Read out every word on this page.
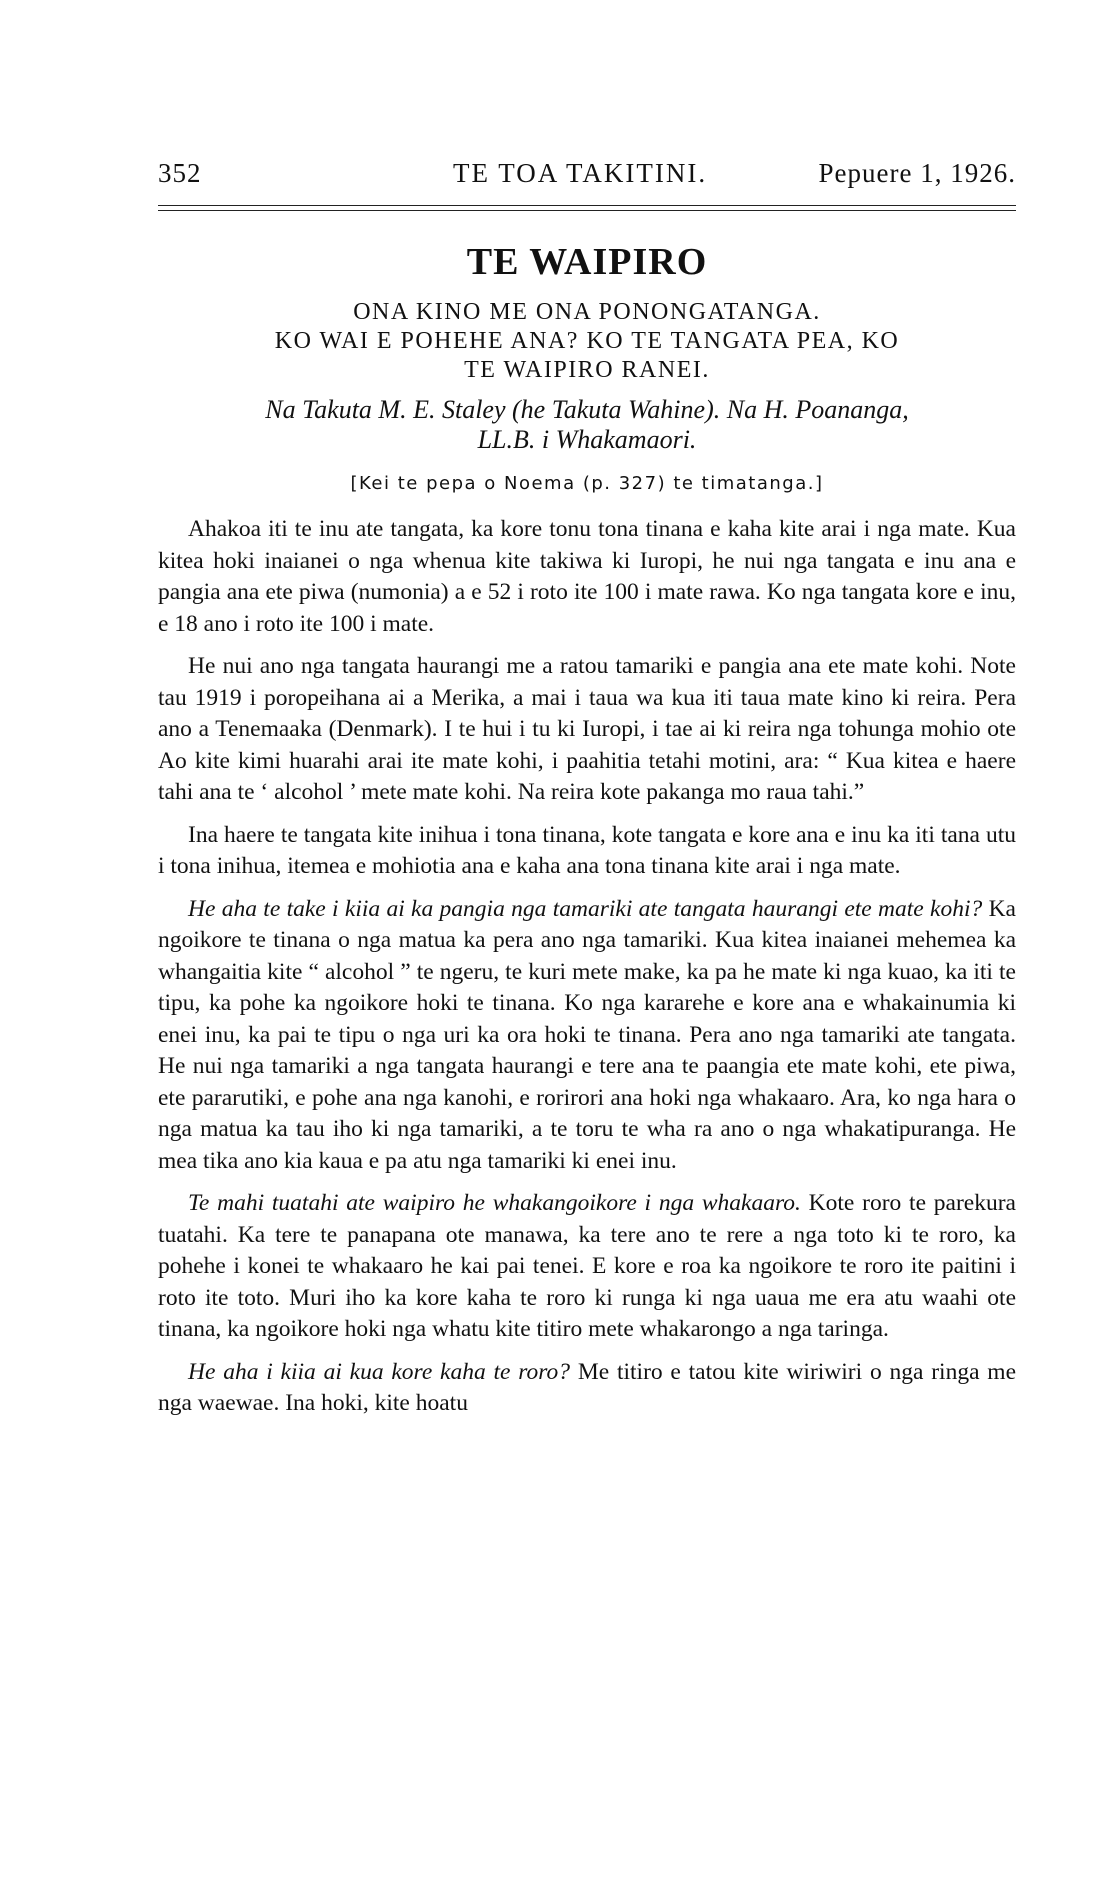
352	TE TOA TAKITINI.	Pepuere 1, 1926.
TE WAIPIRO

ONA KINO ME ONA PONONGATANGA.
KO WAI E POHEHE ANA? KO TE TANGATA PEA, KO
TE WAIPIRO RANEI.

Na Takuta M. E. Staley (he Takuta Wahine). Na H. Poananga,
LL.B. i Whakamaori.

[Kei te pepa o Noema (p. 327) te timatanga.]

Ahakoa iti te inu ate tangata, ka kore tonu tona tinana e kaha kite arai i nga mate. Kua kitea hoki inaianei o nga whenua kite takiwa ki Iuropi, he nui nga tangata e inu ana e pangia ana ete piwa (numonia) a e 52 i roto ite 100 i mate rawa. Ko nga tangata kore e inu, e 18 ano i roto ite 100 i mate.

He nui ano nga tangata haurangi me a ratou tamariki e pangia ana ete mate kohi. Note tau 1919 i poropeihana ai a Merika, a mai i taua wa kua iti taua mate kino ki reira. Pera ano a Tenemaaka (Denmark). I te hui i tu ki Iuropi, i tae ai ki reira nga tohunga mohio ote Ao kite kimi huarahi arai ite mate kohi, i paahitia tetahi motini, ara: “ Kua kitea e haere tahi ana te ‘ alcohol ’ mete mate kohi. Na reira kote pakanga mo raua tahi.”

Ina haere te tangata kite inihua i tona tinana, kote tangata e kore ana e inu ka iti tana utu i tona inihua, itemea e mohiotia ana e kaha ana tona tinana kite arai i nga mate.

He aha te take i kiia ai ka pangia nga tamariki ate tangata haurangi ete mate kohi? Ka ngoikore te tinana o nga matua ka pera ano nga tamariki. Kua kitea inaianei mehemea ka whangaitia kite “ alcohol ” te ngeru, te kuri mete make, ka pa he mate ki nga kuao, ka iti te tipu, ka pohe ka ngoikore hoki te tinana. Ko nga kararehe e kore ana e whakainumia ki enei inu, ka pai te tipu o nga uri ka ora hoki te tinana. Pera ano nga tamariki ate tangata. He nui nga tamariki a nga tangata haurangi e tere ana te paangia ete mate kohi, ete piwa, ete pararutiki, e pohe ana nga kanohi, e rorirori ana hoki nga whakaaro. Ara, ko nga hara o nga matua ka tau iho ki nga tamariki, a te toru te wha ra ano o nga whakatipuranga. He mea tika ano kia kaua e pa atu nga tamariki ki enei inu.

Te mahi tuatahi ate waipiro he whakangoikore i nga whakaaro. Kote roro te parekura tuatahi. Ka tere te panapana ote manawa, ka tere ano te rere a nga toto ki te roro, ka pohehe i konei te whakaaro he kai pai tenei. E kore e roa ka ngoikore te roro ite paitini i roto ite toto. Muri iho ka kore kaha te roro ki runga ki nga uaua me era atu waahi ote tinana, ka ngoikore hoki nga whatu kite titiro mete whakarongo a nga taringa.

He aha i kiia ai kua kore kaha te roro? Me titiro e tatou kite wiriwiri o nga ringa me nga waewae. Ina hoki, kite hoatu
